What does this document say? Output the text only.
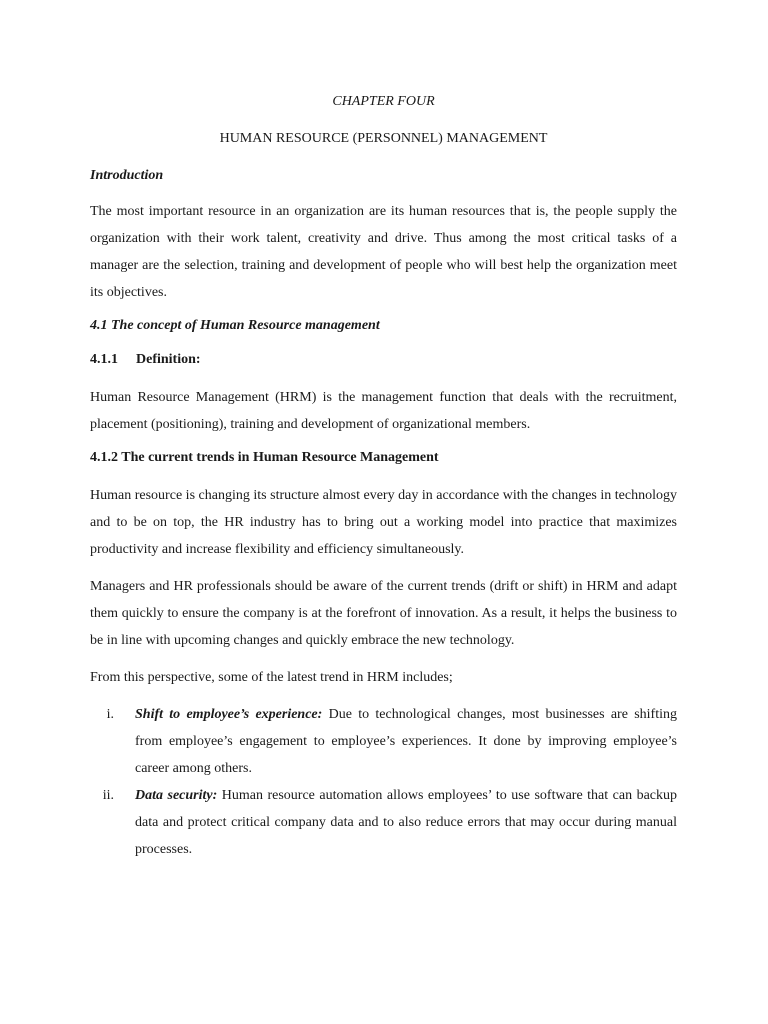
CHAPTER FOUR
HUMAN RESOURCE (PERSONNEL) MANAGEMENT
Introduction

The most important resource in an organization are its human resources that is, the people supply the organization with their work talent, creativity and drive. Thus among the most critical tasks of a manager are the selection, training and development of people who will best help the organization meet its objectives.

4.1 The concept of Human Resource management
4.1.1 Definition:

Human Resource Management (HRM) is the management function that deals with the recruitment, placement (positioning), training and development of organizational members.

4.1.2 The current trends in Human Resource Management

Human resource is changing its structure almost every day in accordance with the changes in technology and to be on top, the HR industry has to bring out a working model into practice that maximizes productivity and increase flexibility and efficiency simultaneously.

Managers and HR professionals should be aware of the current trends (drift or shift) in HRM and adapt them quickly to ensure the company is at the forefront of innovation. As a result, it helps the business to be in line with upcoming changes and quickly embrace the new technology.

From this perspective, some of the latest trend in HRM includes;

i. Shift to employee’s experience: Due to technological changes, most businesses are shifting from employee’s engagement to employee’s experiences. It done by improving employee’s career among others.
ii. Data security: Human resource automation allows employees’ to use software that can backup data and protect critical company data and to also reduce errors that may occur during manual processes.
